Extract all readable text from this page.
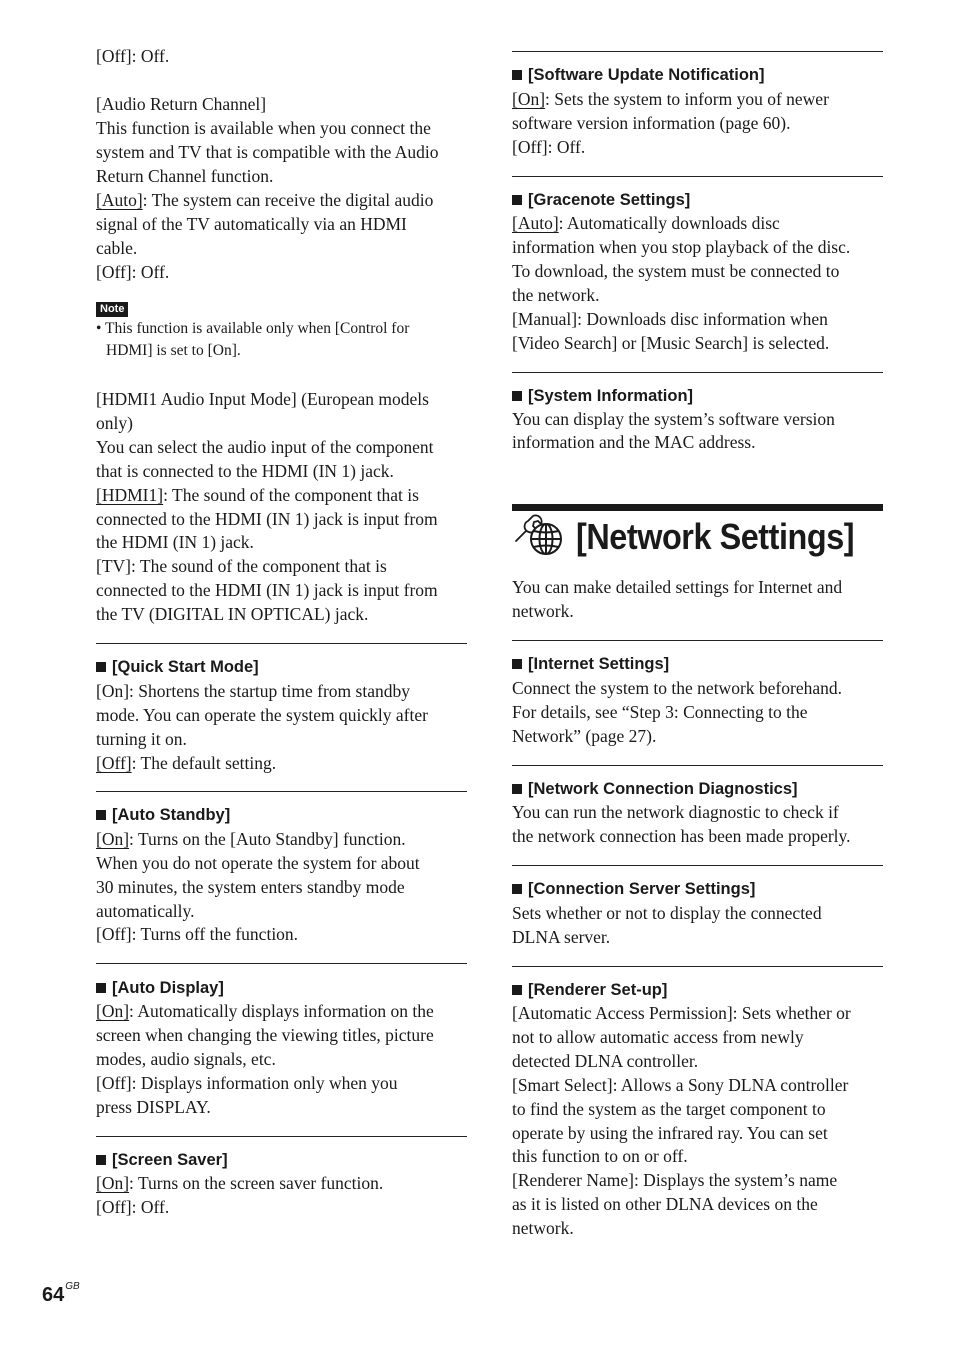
[Off]: Off.
[Audio Return Channel]
This function is available when you connect the
system and TV that is compatible with the Audio
Return Channel function.
[Auto]: The system can receive the digital audio
signal of the TV automatically via an HDMI
cable.
[Off]: Off.
Note
• This function is available only when [Control for
HDMI] is set to [On].
[HDMI1 Audio Input Mode] (European models
only)
You can select the audio input of the component
that is connected to the HDMI (IN 1) jack.
[HDMI1]: The sound of the component that is
connected to the HDMI (IN 1) jack is input from
the HDMI (IN 1) jack.
[TV]: The sound of the component that is
connected to the HDMI (IN 1) jack is input from
the TV (DIGITAL IN OPTICAL) jack.
[Quick Start Mode]
[On]: Shortens the startup time from standby
mode. You can operate the system quickly after
turning it on.
[Off]: The default setting.
[Auto Standby]
[On]: Turns on the [Auto Standby] function.
When you do not operate the system for about
30 minutes, the system enters standby mode
automatically.
[Off]: Turns off the function.
[Auto Display]
[On]: Automatically displays information on the
screen when changing the viewing titles, picture
modes, audio signals, etc.
[Off]: Displays information only when you
press DISPLAY.
[Screen Saver]
[On]: Turns on the screen saver function.
[Off]: Off.
[Software Update Notification]
[On]: Sets the system to inform you of newer
software version information (page 60).
[Off]: Off.
[Gracenote Settings]
[Auto]: Automatically downloads disc
information when you stop playback of the disc.
To download, the system must be connected to
the network.
[Manual]: Downloads disc information when
[Video Search] or [Music Search] is selected.
[System Information]
You can display the system’s software version
information and the MAC address.
[Network Settings]
You can make detailed settings for Internet and
network.
[Internet Settings]
Connect the system to the network beforehand.
For details, see “Step 3: Connecting to the
Network” (page 27).
[Network Connection Diagnostics]
You can run the network diagnostic to check if
the network connection has been made properly.
[Connection Server Settings]
Sets whether or not to display the connected
DLNA server.
[Renderer Set-up]
[Automatic Access Permission]: Sets whether or
not to allow automatic access from newly
detected DLNA controller.
[Smart Select]: Allows a Sony DLNA controller
to find the system as the target component to
operate by using the infrared ray. You can set
this function to on or off.
[Renderer Name]: Displays the system’s name
as it is listed on other DLNA devices on the
network.
$64^{GB}$
